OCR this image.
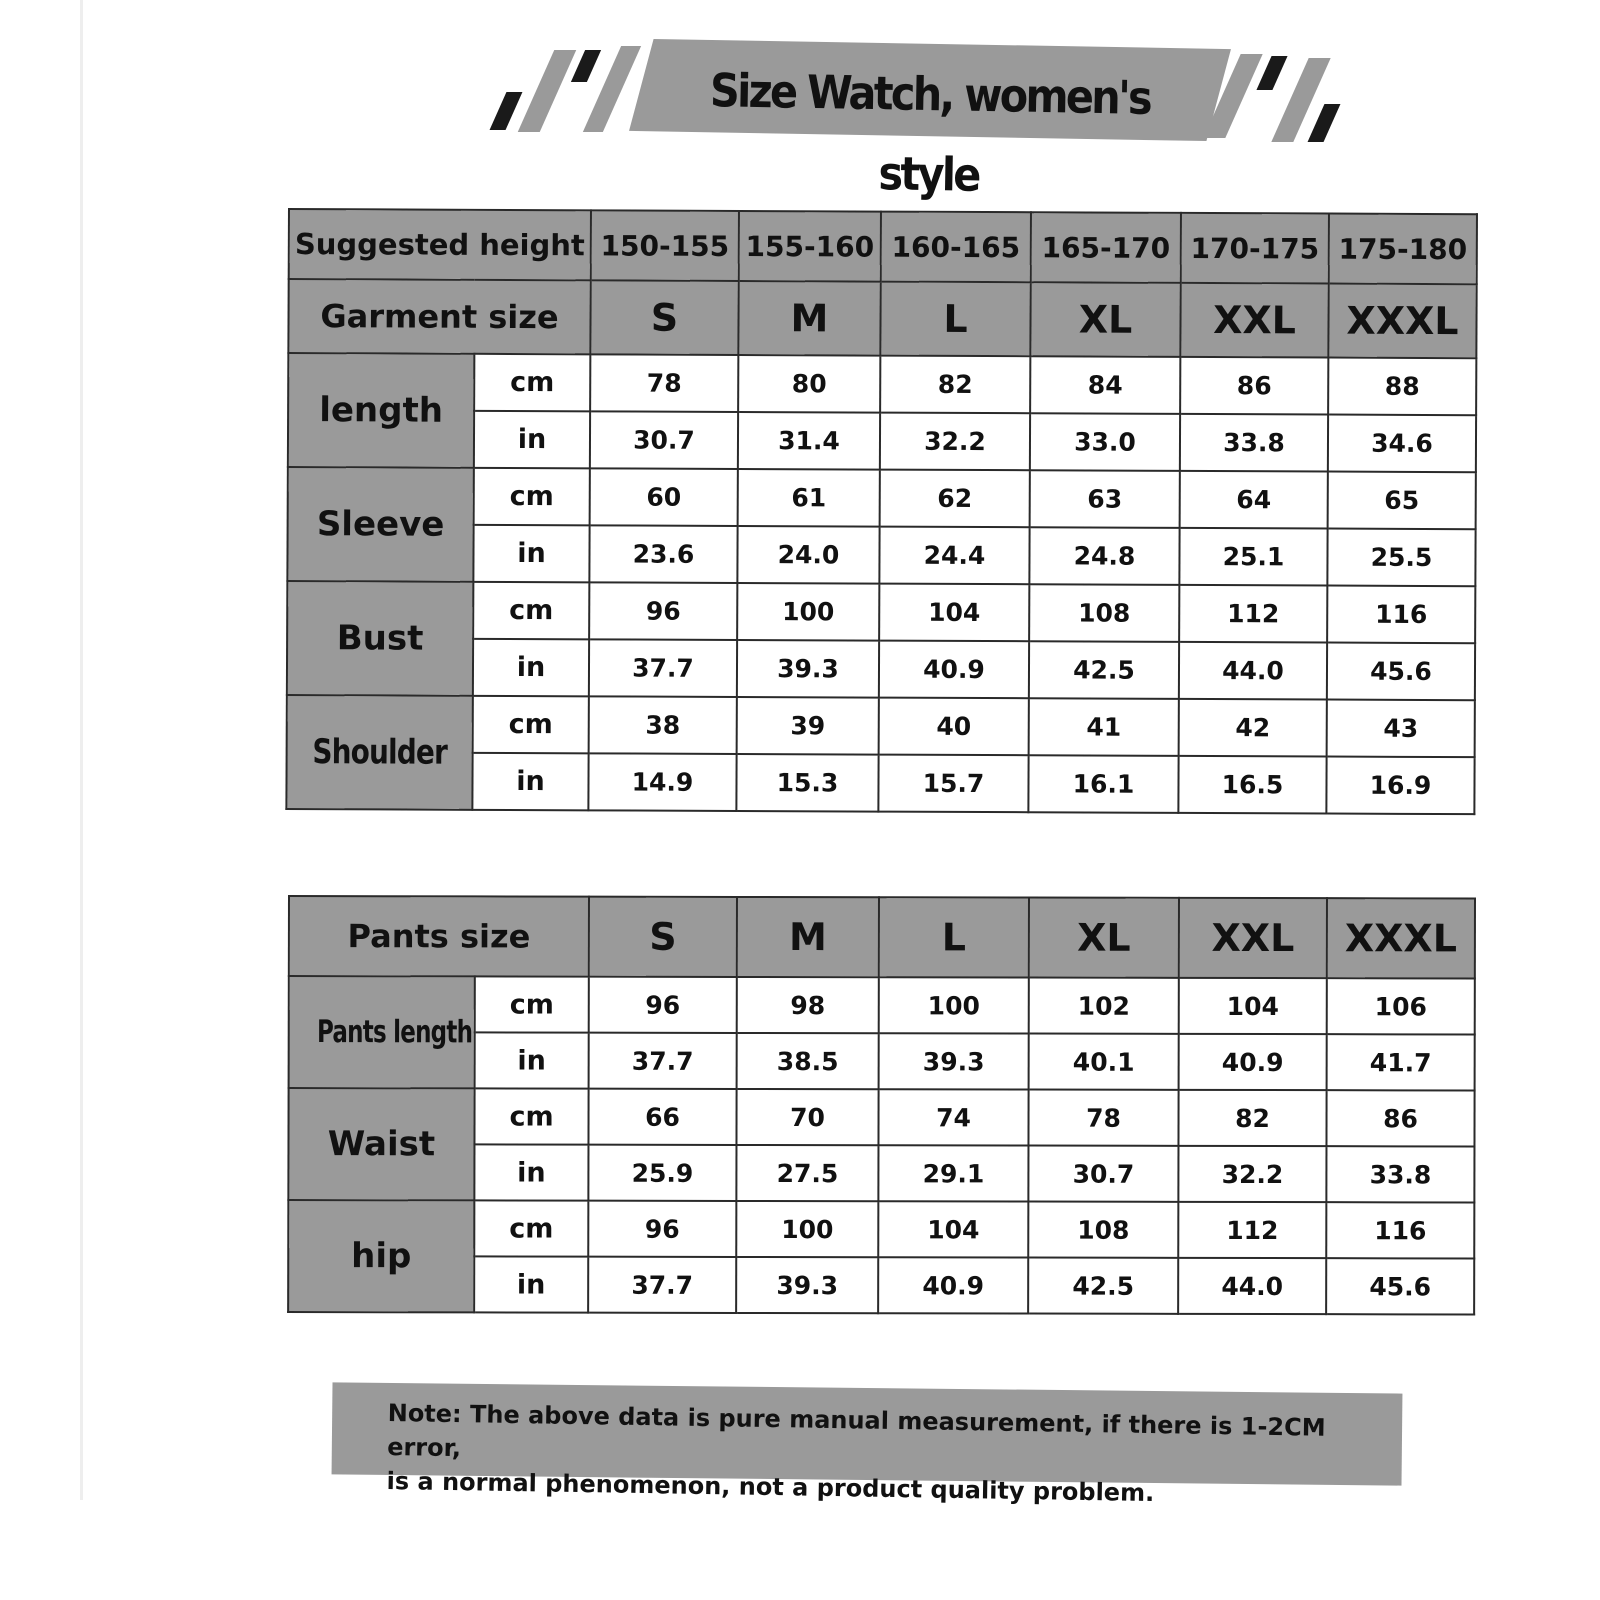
Size Watch, women's style
Suggested height		150-155	155-160	160-165	165-170	170-175	175-180
Garment size		S	M	L	XL	XXL	XXXL
length	cm	78	80	82	84	86	88
	in	30.7	31.4	32.2	33.0	33.8	34.6
Sleeve	cm	60	61	62	63	64	65
	in	23.6	24.0	24.4	24.8	25.1	25.5
Bust	cm	96	100	104	108	112	116
	in	37.7	39.3	40.9	42.5	44.0	45.6
Shoulder	cm	38	39	40	41	42	43
	in	14.9	15.3	15.7	16.1	16.5	16.9
Pants size		S	M	L	XL	XXL	XXXL
Pants length	cm	96	98	100	102	104	106
	in	37.7	38.5	39.3	40.1	40.9	41.7
Waist	cm	66	70	74	78	82	86
	in	25.9	27.5	29.1	30.7	32.2	33.8
hip	cm	96	100	104	108	112	116
	in	37.7	39.3	40.9	42.5	44.0	45.6
Note: The above data is pure manual measurement, if there is 1-2CM error,
is a normal phenomenon, not a product quality problem.
